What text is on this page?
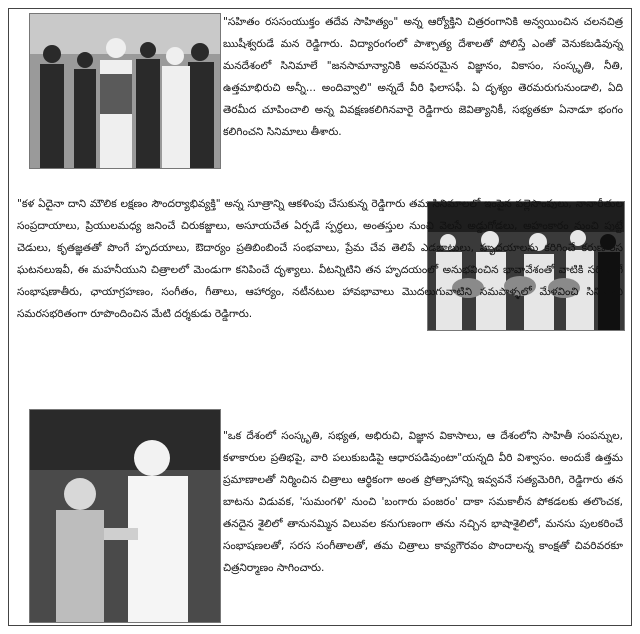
"సహితం రససంయుక్తం తదేవ సాహిత్యం" అన్న ఆర్యోక్తిని చిత్రరంగానికి అన్వయించిన చలనచిత్ర ఋషీశ్వరుడే మన రెడ్డిగారు. విద్యారంగంలో పాశ్చాత్య దేశాలతో పోలిస్తే ఎంతో వెనుకబడివున్న మనదేశంలో సినిమాలే "జనసామాన్యానికి అవసరమైన విజ్ఞానం, వికాసం, సంస్కృతి, నీతి, ఉత్తమాభిరుచి అన్నీ... అందివ్వాలి" అన్నదే వీరి ఫిలాసఫీ. ఏ దృశ్యం తెరమరుగునుండాలి, ఏది తెరమీద చూపించాలి అన్న వివక్షణకలిగినవారై రెడ్డిగారు జెవిత్యానికీ, సభ్యతకూ ఏనాడూ భంగం కలిగించని సినిమాలు తీశారు.

"కళ ఏదైనా దాని మౌలిక లక్షణం సౌందర్యాభివ్యక్తి" అన్న సూత్రాన్ని ఆకళింపు చేసుకున్న రెడ్డిగారు తమ సినిమాలలో ఇంపైన పల్లెసొంపులు, నానారీతుల సంప్రదాయాలు, ప్రియులమధ్య జనించే చిరుకజ్జాలు, అసూయచేత ఏర్పడే స్పర్ధలు, అంతస్తుల నుంచి వెలసే అడ్డుగోడలు, అహంకారం నుంచి పుట్టే చెడులు, కృతజ్ఞతతో పొంగే హృదయాలు, ఔదార్యం ప్రతిబింబించే సంభవాలు, ప్రేమ చేవ తెలిపే ఎడబాటులు, హృదయాలను కరిగించే కరుణారస ఘటనలుఇవీ, ఈ మహనీయుని చిత్రాలలో మెండుగా కనిపించే దృశ్యాలు. వీటన్నిటిని తన హృదయంలో అనుభవించిన భావావేశంతో వాటికి సరితూగే సంభాషణాతీరు, ఛాయాగ్రహణం, సంగీతం, గీతాలు, ఆహార్యం, నటీనటుల హావభావాలు మొదలుగువాటిని సమపాళ్ళలో మేళవించి సినిమాని సమరసభరితంగా రూపొందించిన మేటి దర్శకుడు రెడ్డిగారు.

"ఒక దేశంలో సంస్కృతి, సభ్యత, అభిరుచి, విజ్ఞాన వికాసాలు, ఆ దేశంలోని సాహితీ సంపన్నుల, కళాకారుల ప్రతిభపై, వారి పలుకుబడిపై ఆధారపడివుంటా"యన్నది వీరి విశ్వాసం. అందుకే ఉత్తమ ప్రమాణాలతో నిర్మించిన చిత్రాలు ఆర్థికంగా అంత ప్రోత్సాహాన్ని ఇవ్వవనే సత్యమెరిగి, రెడ్డిగారు తన బాటను విడువక, 'సుమంగళి' నుంచి 'బంగారు పంజరం' దాకా సమకాలీన పోకడలకు తలొంచక, తనదైన శైలిలో తానునమ్మిన విలువల కనుగుణంగా తను నచ్చిన భాషాశైలిలో, మనసు పులకరించే సంభాషణలతో, సరస సంగీతాలతో, తమ చిత్రాలు కావ్యగౌరవం పొందాలన్న కాంక్షతో చివరివరకూ చిత్రనిర్మాణం సాగించారు.
